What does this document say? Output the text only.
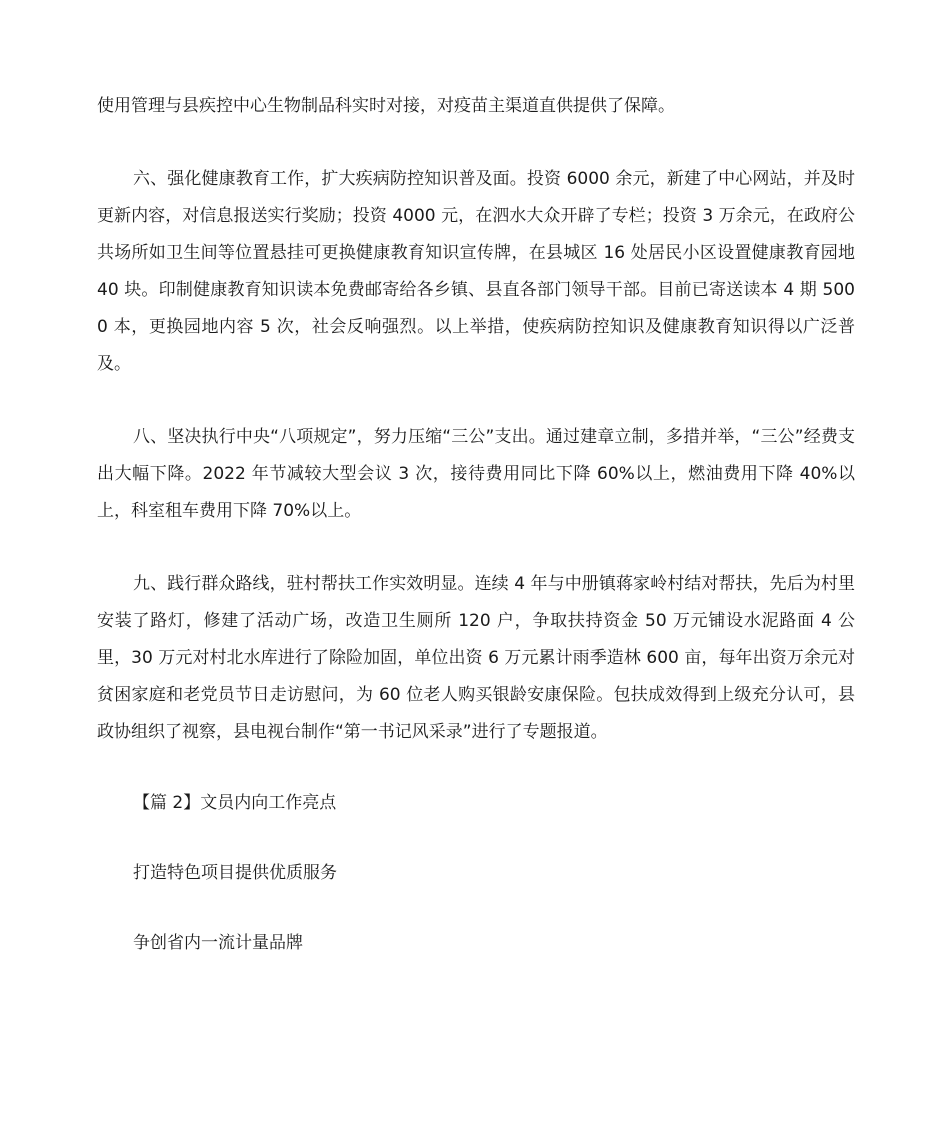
使用管理与县疾控中心生物制品科实时对接，对疫苗主渠道直供提供了保障。

六、强化健康教育工作，扩大疾病防控知识普及面。投资 6000 余元，新建了中心网站，并及时更新内容，对信息报送实行奖励；投资 4000 元，在泗水大众开辟了专栏；投资 3 万余元，在政府公共场所如卫生间等位置悬挂可更换健康教育知识宣传牌，在县城区 16 处居民小区设置健康教育园地 40 块。印制健康教育知识读本免费邮寄给各乡镇、县直各部门领导干部。目前已寄送读本 4 期 5000 本，更换园地内容 5 次，社会反响强烈。以上举措，使疾病防控知识及健康教育知识得以广泛普及。

八、坚决执行中央“八项规定”，努力压缩“三公”支出。通过建章立制，多措并举，“三公”经费支出大幅下降。2022 年节减较大型会议 3 次，接待费用同比下降 60%以上，燃油费用下降 40%以上，科室租车费用下降 70%以上。

九、践行群众路线，驻村帮扶工作实效明显。连续 4 年与中册镇蒋家岭村结对帮扶，先后为村里安装了路灯，修建了活动广场，改造卫生厕所 120 户，争取扶持资金 50 万元铺设水泥路面 4 公里，30 万元对村北水库进行了除险加固，单位出资 6 万元累计雨季造林 600 亩，每年出资万余元对贫困家庭和老党员节日走访慰问，为 60 位老人购买银龄安康保险。包扶成效得到上级充分认可，县政协组织了视察，县电视台制作“第一书记风采录”进行了专题报道。

【篇 2】文员内向工作亮点

打造特色项目提供优质服务

争创省内一流计量品牌
